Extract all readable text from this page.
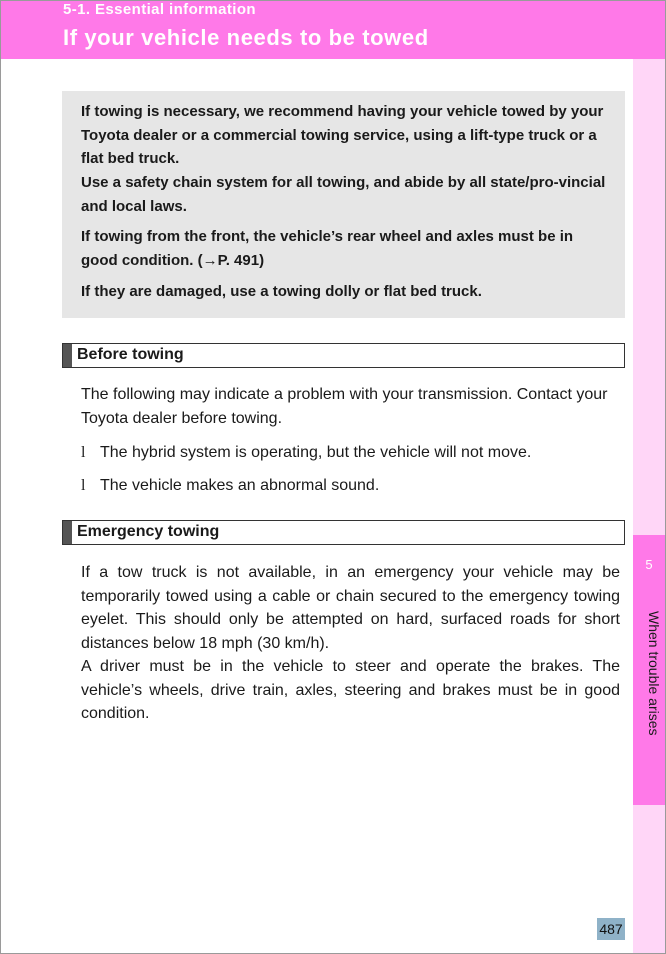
5-1. Essential information
If your vehicle needs to be towed
5
When trouble arises

If towing is necessary, we recommend having your vehicle towed by your Toyota dealer or a commercial towing service, using a lift-type truck or a flat bed truck.

Use a safety chain system for all towing, and abide by all state/pro-vincial and local laws.

If towing from the front, the vehicle’s rear wheel and axles must be in good condition. (→P. 491)

If they are damaged, use a towing dolly or flat bed truck.

Before towing

The following may indicate a problem with your transmission. Contact your Toyota dealer before towing.

l The hybrid system is operating, but the vehicle will not move.
l The vehicle makes an abnormal sound.
Emergency towing

If a tow truck is not available, in an emergency your vehicle may be temporarily towed using a cable or chain secured to the emergency towing eyelet. This should only be attempted on hard, surfaced roads for short distances below 18 mph (30 km/h).

A driver must be in the vehicle to steer and operate the brakes. The vehicle’s wheels, drive train, axles, steering and brakes must be in good condition.

487
